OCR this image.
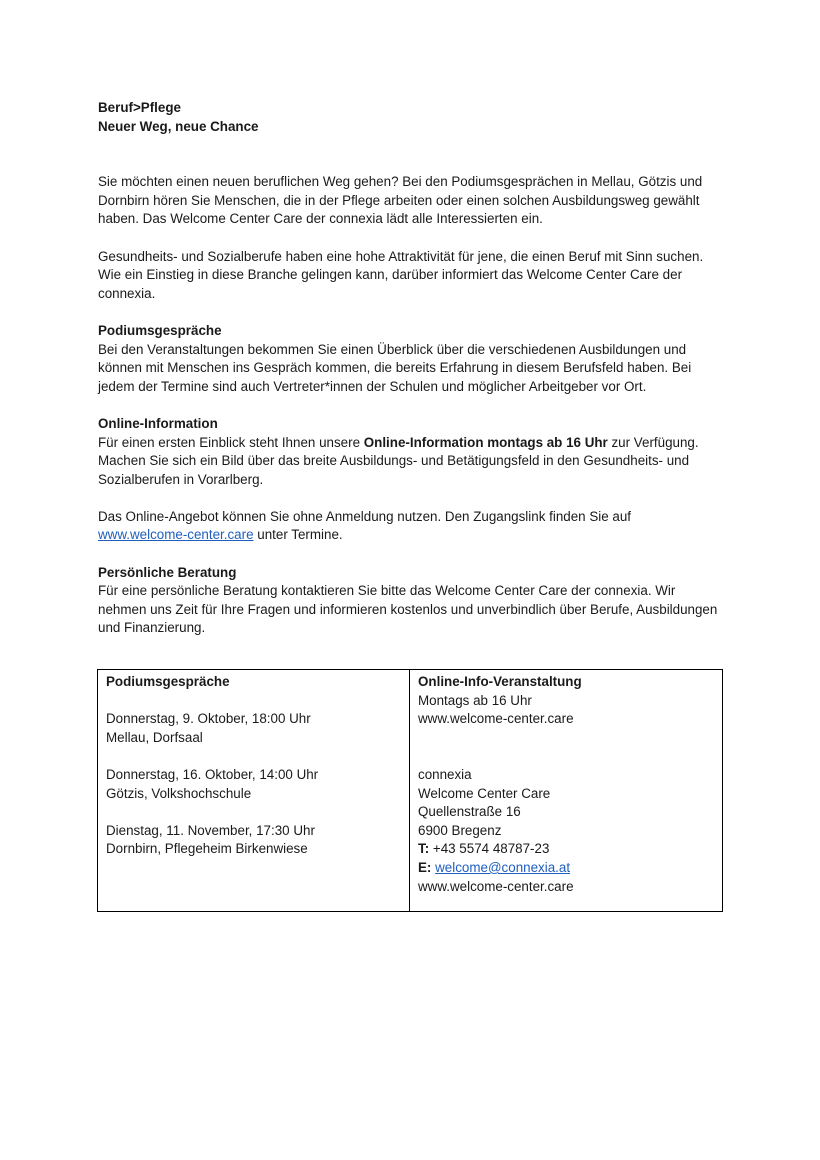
Beruf>Pflege

Neuer Weg, neue Chance

Sie möchten einen neuen beruflichen Weg gehen? Bei den Podiumsgesprächen in Mellau, Götzis und Dornbirn hören Sie Menschen, die in der Pflege arbeiten oder einen solchen Ausbildungsweg gewählt haben. Das Welcome Center Care der connexia lädt alle Interessierten ein.

Gesundheits- und Sozialberufe haben eine hohe Attraktivität für jene, die einen Beruf mit Sinn suchen. Wie ein Einstieg in diese Branche gelingen kann, darüber informiert das Welcome Center Care der connexia.

Podiumsgespräche

Bei den Veranstaltungen bekommen Sie einen Überblick über die verschiedenen Ausbildungen und können mit Menschen ins Gespräch kommen, die bereits Erfahrung in diesem Berufsfeld haben. Bei jedem der Termine sind auch Vertreter*innen der Schulen und möglicher Arbeitgeber vor Ort.

Online-Information

Für einen ersten Einblick steht Ihnen unsere Online-Information montags ab 16 Uhr zur Verfügung. Machen Sie sich ein Bild über das breite Ausbildungs- und Betätigungsfeld in den Gesundheits- und Sozialberufen in Vorarlberg.

Das Online-Angebot können Sie ohne Anmeldung nutzen. Den Zugangslink finden Sie auf www.welcome-center.care unter Termine.

Persönliche Beratung

Für eine persönliche Beratung kontaktieren Sie bitte das Welcome Center Care der connexia. Wir nehmen uns Zeit für Ihre Fragen und informieren kostenlos und unverbindlich über Berufe, Ausbildungen und Finanzierung.

Podiumsgespräche

Donnerstag, 9. Oktober, 18:00 Uhr

Mellau, Dorfsaal

Donnerstag, 16. Oktober, 14:00 Uhr

Götzis, Volkshochschule

Dienstag, 11. November, 17:30 Uhr

Dornbirn, Pflegeheim Birkenwiese

Online-Info-Veranstaltung

Montags ab 16 Uhr

www.welcome-center.care

connexia

Welcome Center Care

Quellenstraße 16

6900 Bregenz

T: +43 5574 48787-23

E: welcome@connexia.at

www.welcome-center.care
